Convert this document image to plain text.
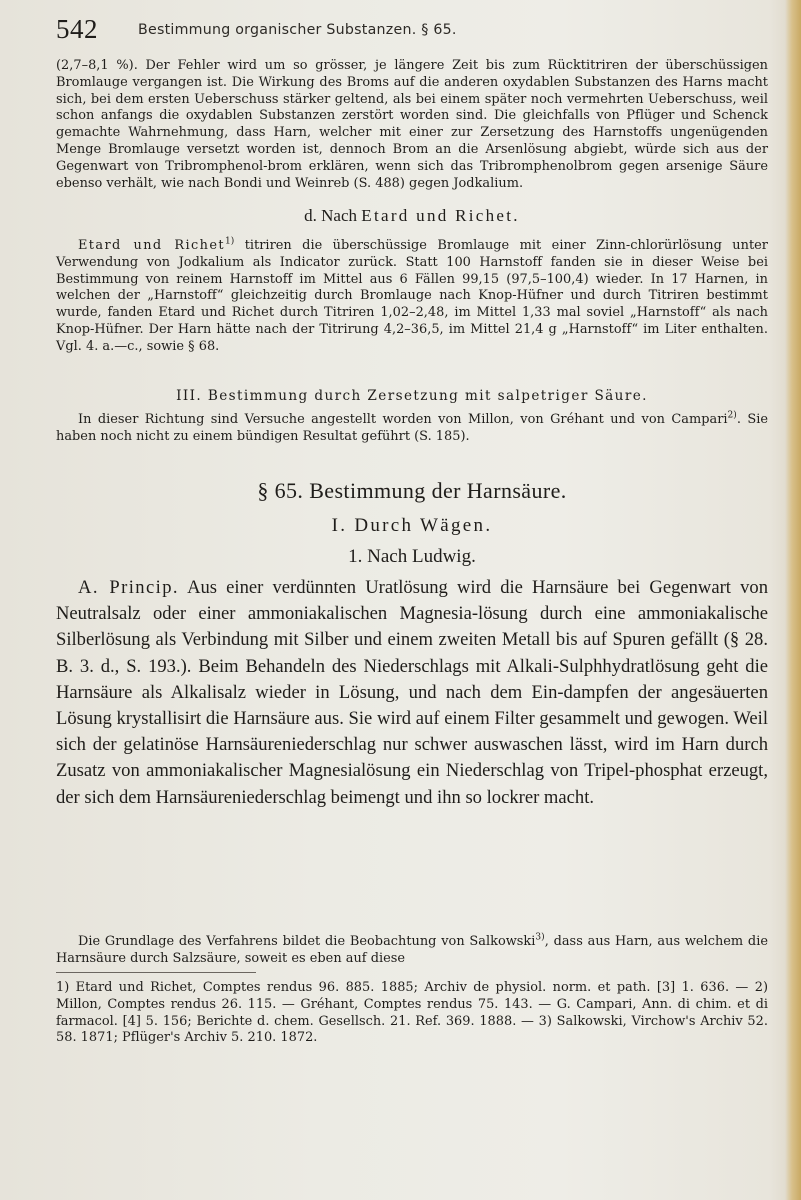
542	Bestimmung organischer Substanzen. § 65.

(2,7–8,1 %). Der Fehler wird um so grösser, je längere Zeit bis zum Rücktitriren der überschüssigen Bromlauge vergangen ist. Die Wirkung des Broms auf die anderen oxydablen Substanzen des Harns macht sich, bei dem ersten Ueberschuss stärker geltend, als bei einem später noch vermehrten Ueberschuss, weil schon anfangs die oxydablen Substanzen zerstört worden sind. Die gleichfalls von Pflüger und Schenck gemachte Wahrnehmung, dass Harn, welcher mit einer zur Zersetzung des Harnstoffs ungenügenden Menge Bromlauge versetzt worden ist, dennoch Brom an die Arsenlösung abgiebt, würde sich aus der Gegenwart von Tribromphenol-brom erklären, wenn sich das Tribromphenolbrom gegen arsenige Säure ebenso verhält, wie nach Bondi und Weinreb (S. 488) gegen Jodkalium.

d. Nach Etard und Richet.

Etard und Richet$^{1)}$ titriren die überschüssige Bromlauge mit einer Zinn-chlorürlösung unter Verwendung von Jodkalium als Indicator zurück. Statt 100 Harnstoff fanden sie in dieser Weise bei Bestimmung von reinem Harnstoff im Mittel aus 6 Fällen 99,15 (97,5–100,4) wieder. In 17 Harnen, in welchen der „Harnstoff“ gleichzeitig durch Bromlauge nach Knop-Hüfner und durch Titriren bestimmt wurde, fanden Etard und Richet durch Titriren 1,02–2,48, im Mittel 1,33 mal soviel „Harnstoff“ als nach Knop-Hüfner. Der Harn hätte nach der Titrirung 4,2–36,5, im Mittel 21,4 g „Harnstoff“ im Liter enthalten. Vgl. 4. a.—c., sowie § 68.

III. Bestimmung durch Zersetzung mit salpetriger Säure.

In dieser Richtung sind Versuche angestellt worden von Millon, von Gréhant und von Campari$^{2)}$. Sie haben noch nicht zu einem bündigen Resultat geführt (S. 185).

§ 65. Bestimmung der Harnsäure.
I. Durch Wägen.
1. Nach Ludwig.

A. Princip. Aus einer verdünnten Uratlösung wird die Harnsäure bei Gegenwart von Neutralsalz oder einer ammoniakalischen Magnesia-lösung durch eine ammoniakalische Silberlösung als Verbindung mit Silber und einem zweiten Metall bis auf Spuren gefällt (§ 28. B. 3. d., S. 193.). Beim Behandeln des Niederschlags mit Alkali-Sulphhydratlösung geht die Harnsäure als Alkalisalz wieder in Lösung, und nach dem Ein-dampfen der angesäuerten Lösung krystallisirt die Harnsäure aus. Sie wird auf einem Filter gesammelt und gewogen. Weil sich der gelatinöse Harnsäureniederschlag nur schwer auswaschen lässt, wird im Harn durch Zusatz von ammoniakalischer Magnesialösung ein Niederschlag von Tripel-phosphat erzeugt, der sich dem Harnsäureniederschlag beimengt und ihn so lockrer macht.

Die Grundlage des Verfahrens bildet die Beobachtung von Salkowski$^{3)}$, dass aus Harn, aus welchem die Harnsäure durch Salzsäure, soweit es eben auf diese

1) Etard und Richet, Comptes rendus 96. 885. 1885; Archiv de physiol. norm. et path. [3] 1. 636. — 2) Millon, Comptes rendus 26. 115. — Gréhant, Comptes rendus 75. 143. — G. Campari, Ann. di chim. et di farmacol. [4] 5. 156; Berichte d. chem. Gesellsch. 21. Ref. 369. 1888. — 3) Salkowski, Virchow's Archiv 52. 58. 1871; Pflüger's Archiv 5. 210. 1872.
